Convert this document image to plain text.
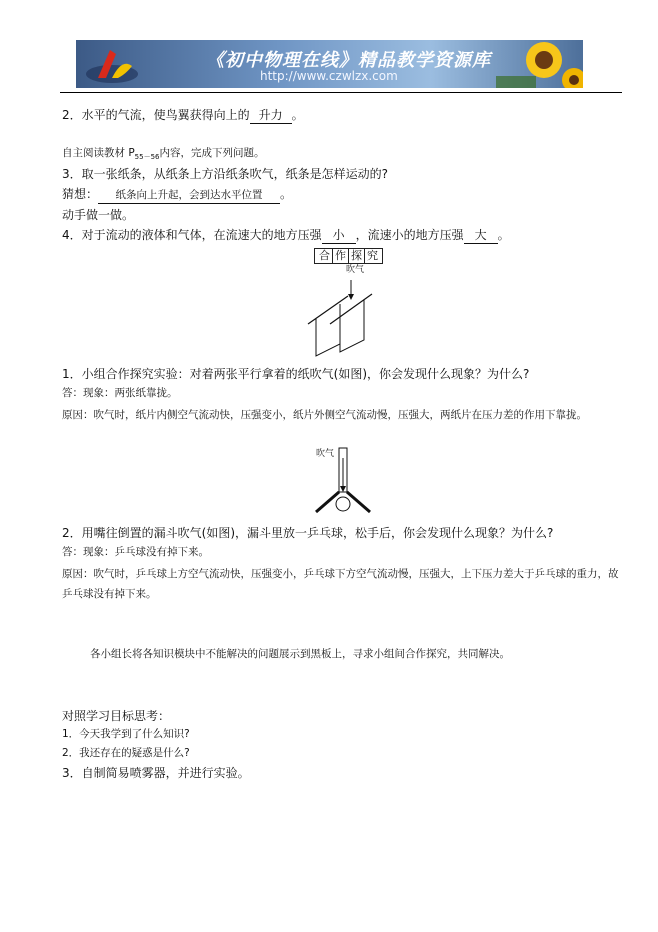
《初中物理在线》精品教学资源库
http://www.czwlzx.com
2．水平的气流，使鸟翼获得向上的 升力 。
自主阅读教材 $P_{55-56}$内容，完成下列问题。
3．取一张纸条，从纸条上方沿纸条吹气，纸条是怎样运动的?
猜想： 纸条向上升起，会到达水平位置 。
动手做一做。
4．对于流动的液体和气体，在流速大的地方压强 小 ，流速小的地方压强 大 。
合 作 探 究
吹气
1．小组合作探究实验：对着两张平行拿着的纸吹气(如图)，你会发现什么现象？为什么?
答：现象：两张纸靠拢。
原因：吹气时，纸片内侧空气流动快，压强变小，纸片外侧空气流动慢，压强大，两纸片在压力差的作用下靠拢。
吹气
2．用嘴往倒置的漏斗吹气(如图)，漏斗里放一乒乓球，松手后，你会发现什么现象？为什么?
答：现象：乒乓球没有掉下来。
原因：吹气时，乒乓球上方空气流动快，压强变小，乒乓球下方空气流动慢，压强大，上下压力差大于乒乓球的重力，故乒乓球没有掉下来。
各小组长将各知识模块中不能解决的问题展示到黑板上，寻求小组间合作探究，共同解决。
对照学习目标思考：
1．今天我学到了什么知识?
2．我还存在的疑惑是什么?
3．自制简易喷雾器，并进行实验。
